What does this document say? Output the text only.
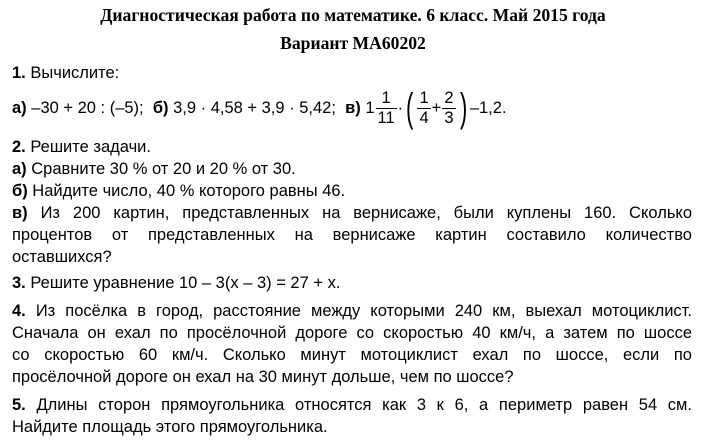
Диагностическая работа по математике. 6 класс. Май 2015 года
Вариант МА60202
1. Вычислите:
а)
–30 + 20 : (–5);
б)
3,9 · 4,58 + 3,9 · 5,42;
в)
$1 \frac{1}{11}$ · ( $\frac{1}{4} + \frac{2}{3}$ ) –1,2.
2. Решите задачи.
а) Сравните 30 % от 20 и 20 % от 30.
б) Найдите число, 40 % которого равны 46.
в) Из 200 картин, представленных на вернисаже, были куплены 160. Сколько
процентов от представленных на вернисаже картин составило количество
оставшихся?
3. Решите уравнение 10 – 3(x – 3) = 27 + x.
4. Из посёлка в город, расстояние между которыми 240 км, выехал мотоциклист.
Сначала он ехал по просёлочной дороге со скоростью 40 км/ч, а затем по шоссе
со скоростью 60 км/ч. Сколько минут мотоциклист ехал по шоссе, если по
просёлочной дороге он ехал на 30 минут дольше, чем по шоссе?
5. Длины сторон прямоугольника относятся как 3 к 6, а периметр равен 54 см.
Найдите площадь этого прямоугольника.
